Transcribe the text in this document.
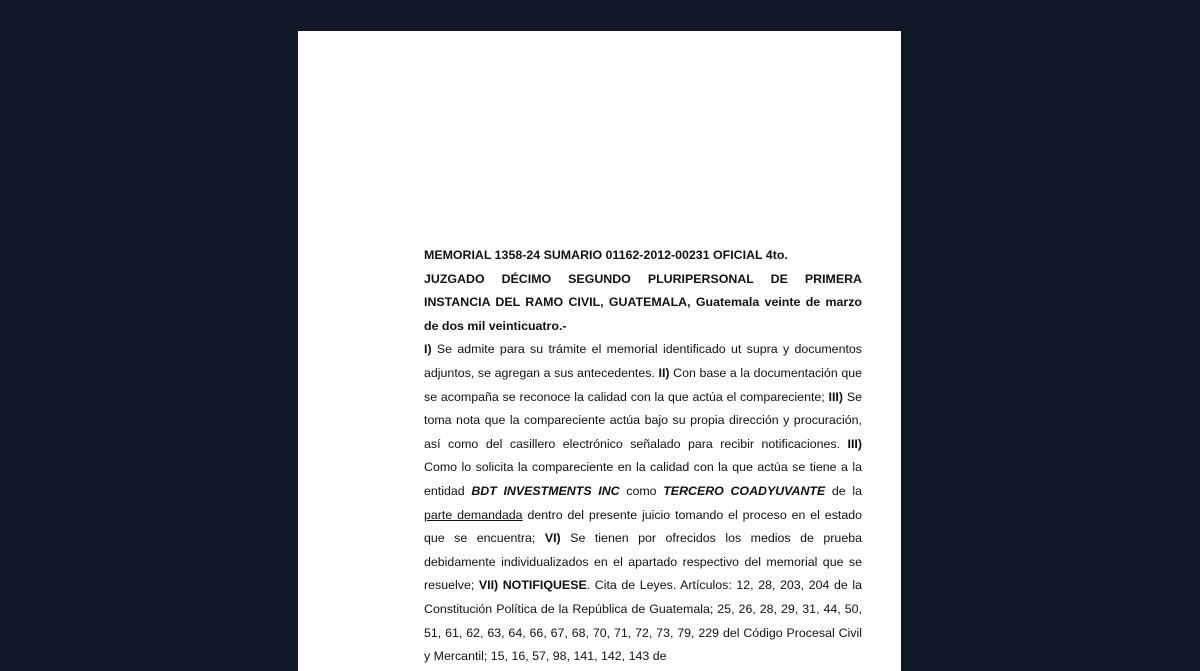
MEMORIAL 1358-24 SUMARIO 01162-2012-00231 OFICIAL 4to.

JUZGADO DÉCIMO SEGUNDO PLURIPERSONAL DE PRIMERA INSTANCIA DEL RAMO CIVIL, GUATEMALA, Guatemala veinte de marzo de dos mil veinticuatro.-

I) Se admite para su trámite el memorial identificado ut supra y documentos adjuntos, se agregan a sus antecedentes. II) Con base a la documentación que se acompaña se reconoce la calidad con la que actúa el compareciente; III) Se toma nota que la compareciente actúa bajo su propia dirección y procuración, así como del casillero electrónico señalado para recibir notificaciones. III) Como lo solicita la compareciente en la calidad con la que actúa se tiene a la entidad BDT INVESTMENTS INC como TERCERO COADYUVANTE de la parte demandada dentro del presente juicio tomando el proceso en el estado que se encuentra; VI) Se tienen por ofrecidos los medios de prueba debidamente individualizados en el apartado respectivo del memorial que se resuelve; VII) NOTIFIQUESE. Cita de Leyes. Artículos: 12, 28, 203, 204 de la Constitución Política de la República de Guatemala; 25, 26, 28, 29, 31, 44, 50, 51, 61, 62, 63, 64, 66, 67, 68, 70, 71, 72, 73, 79, 229 del Código Procesal Civil y Mercantil; 15, 16, 57, 98, 141, 142, 143 de
